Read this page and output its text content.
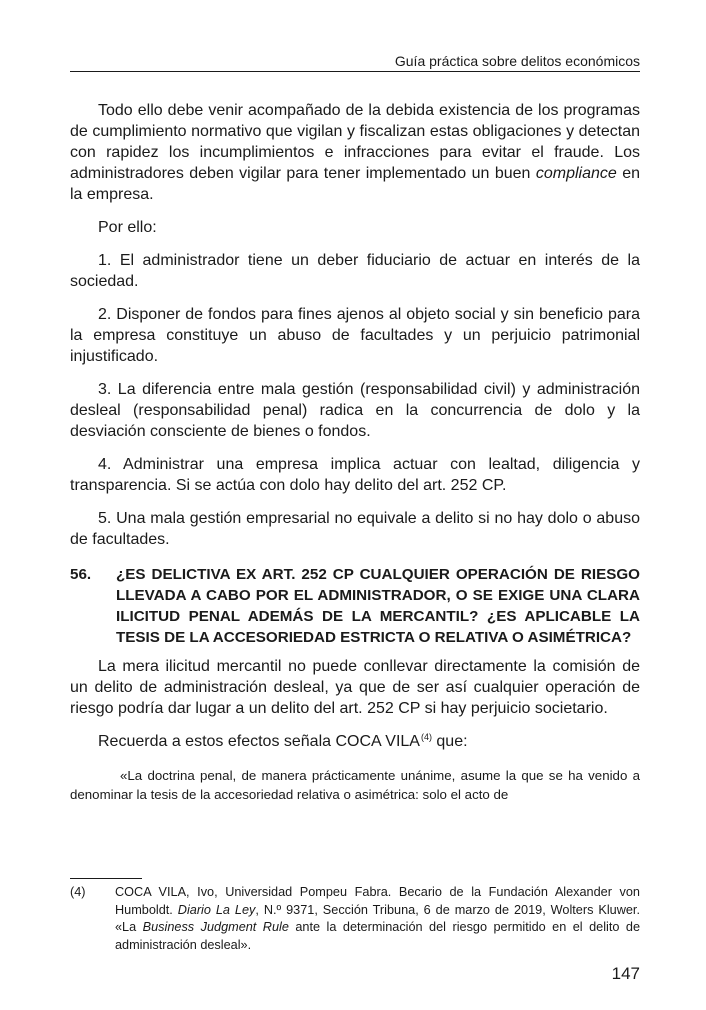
Guía práctica sobre delitos económicos

Todo ello debe venir acompañado de la debida existencia de los programas de cumplimiento normativo que vigilan y fiscalizan estas obligaciones y detectan con rapidez los incumplimientos e infracciones para evitar el fraude. Los administradores deben vigilar para tener implementado un buen compliance en la empresa.

Por ello:

1. El administrador tiene un deber fiduciario de actuar en interés de la sociedad.

2. Disponer de fondos para fines ajenos al objeto social y sin beneficio para la empresa constituye un abuso de facultades y un perjuicio patrimonial injustificado.

3. La diferencia entre mala gestión (responsabilidad civil) y administración desleal (responsabilidad penal) radica en la concurrencia de dolo y la desviación consciente de bienes o fondos.

4. Administrar una empresa implica actuar con lealtad, diligencia y transparencia. Si se actúa con dolo hay delito del art. 252 CP.

5. Una mala gestión empresarial no equivale a delito si no hay dolo o abuso de facultades.

56.	¿ES DELICTIVA EX ART. 252 CP CUALQUIER OPERACIÓN DE RIESGO LLEVADA A CABO POR EL ADMINISTRADOR, O SE EXIGE UNA CLARA ILICITUD PENAL ADEMÁS DE LA MERCANTIL? ¿ES APLICABLE LA TESIS DE LA ACCESORIEDAD ESTRICTA O RELATIVA O ASIMÉTRICA?

La mera ilicitud mercantil no puede conllevar directamente la comisión de un delito de administración desleal, ya que de ser así cualquier operación de riesgo podría dar lugar a un delito del art. 252 CP si hay perjuicio societario.

Recuerda a estos efectos señala COCA VILA$^{(4)}$ que:

«La doctrina penal, de manera prácticamente unánime, asume la que se ha venido a denominar la tesis de la accesoriedad relativa o asimétrica: solo el acto de
(4)	COCA VILA, Ivo, Universidad Pompeu Fabra. Becario de la Fundación Alexander von Humboldt. Diario La Ley, N.º 9371, Sección Tribuna, 6 de marzo de 2019, Wolters Kluwer. «La Business Judgment Rule ante la determinación del riesgo permitido en el delito de administración desleal».
147
